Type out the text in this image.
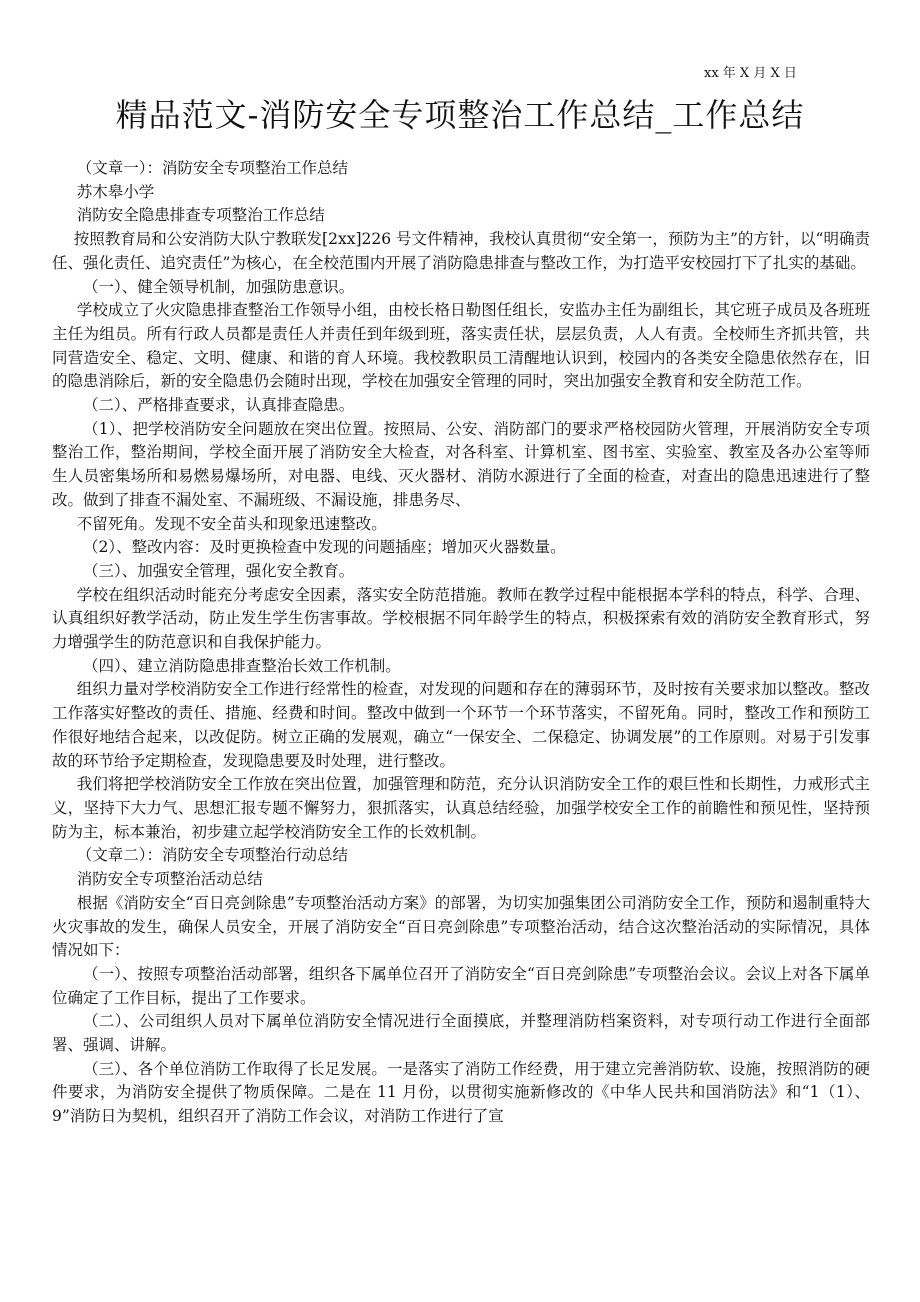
xx 年 X 月 X 日
精品范文-消防安全专项整治工作总结_工作总结

（文章一）：消防安全专项整治工作总结

苏木皋小学

消防安全隐患排查专项整治工作总结

按照教育局和公安消防大队宁教联发[2xx]226 号文件精神，我校认真贯彻“安全第一，预防为主”的方针，以“明确责任、强化责任、追究责任”为核心，在全校范围内开展了消防隐患排查与整改工作，为打造平安校园打下了扎实的基础。

（一）、健全领导机制，加强防患意识。

学校成立了火灾隐患排查整治工作领导小组，由校长格日勒图任组长，安监办主任为副组长，其它班子成员及各班班主任为组员。所有行政人员都是责任人并责任到年级到班，落实责任状，层层负责，人人有责。全校师生齐抓共管，共同营造安全、稳定、文明、健康、和谐的育人环境。我校教职员工清醒地认识到，校园内的各类安全隐患依然存在，旧的隐患消除后，新的安全隐患仍会随时出现，学校在加强安全管理的同时，突出加强安全教育和安全防范工作。

（二）、严格排查要求，认真排查隐患。

（1）、把学校消防安全问题放在突出位置。按照局、公安、消防部门的要求严格校园防火管理，开展消防安全专项整治工作，整治期间，学校全面开展了消防安全大检查，对各科室、计算机室、图书室、实验室、教室及各办公室等师生人员密集场所和易燃易爆场所，对电器、电线、灭火器材、消防水源进行了全面的检查，对查出的隐患迅速进行了整改。做到了排查不漏处室、不漏班级、不漏设施，排患务尽、

不留死角。发现不安全苗头和现象迅速整改。

（2）、整改内容：及时更换检查中发现的问题插座；增加灭火器数量。

（三）、加强安全管理，强化安全教育。

学校在组织活动时能充分考虑安全因素，落实安全防范措施。教师在教学过程中能根据本学科的特点，科学、合理、认真组织好教学活动，防止发生学生伤害事故。学校根据不同年龄学生的特点，积极探索有效的消防安全教育形式，努力增强学生的防范意识和自我保护能力。

（四）、建立消防隐患排查整治长效工作机制。

组织力量对学校消防安全工作进行经常性的检查，对发现的问题和存在的薄弱环节，及时按有关要求加以整改。整改工作落实好整改的责任、措施、经费和时间。整改中做到一个环节一个环节落实，不留死角。同时，整改工作和预防工作很好地结合起来，以改促防。树立正确的发展观，确立“一保安全、二保稳定、协调发展”的工作原则。对易于引发事故的环节给予定期检查，发现隐患要及时处理，进行整改。

我们将把学校消防安全工作放在突出位置，加强管理和防范，充分认识消防安全工作的艰巨性和长期性，力戒形式主义，坚持下大力气、思想汇报专题不懈努力，狠抓落实，认真总结经验，加强学校安全工作的前瞻性和预见性，坚持预防为主，标本兼治，初步建立起学校消防安全工作的长效机制。

（文章二）：消防安全专项整治行动总结

消防安全专项整治活动总结

根据《消防安全“百日亮剑除患”专项整治活动方案》的部署，为切实加强集团公司消防安全工作，预防和遏制重特大火灾事故的发生，确保人员安全，开展了消防安全“百日亮剑除患”专项整治活动，结合这次整治活动的实际情况，具体情况如下：

（一）、按照专项整治活动部署，组织各下属单位召开了消防安全“百日亮剑除患”专项整治会议。会议上对各下属单位确定了工作目标，提出了工作要求。

（二）、公司组织人员对下属单位消防安全情况进行全面摸底，并整理消防档案资料，对专项行动工作进行全面部署、强调、讲解。

（三）、各个单位消防工作取得了长足发展。一是落实了消防工作经费，用于建立完善消防软、设施，按照消防的硬件要求，为消防安全提供了物质保障。二是在 11 月份，以贯彻实施新修改的《中华人民共和国消防法》和“1（1）、9”消防日为契机，组织召开了消防工作会议，对消防工作进行了宣
